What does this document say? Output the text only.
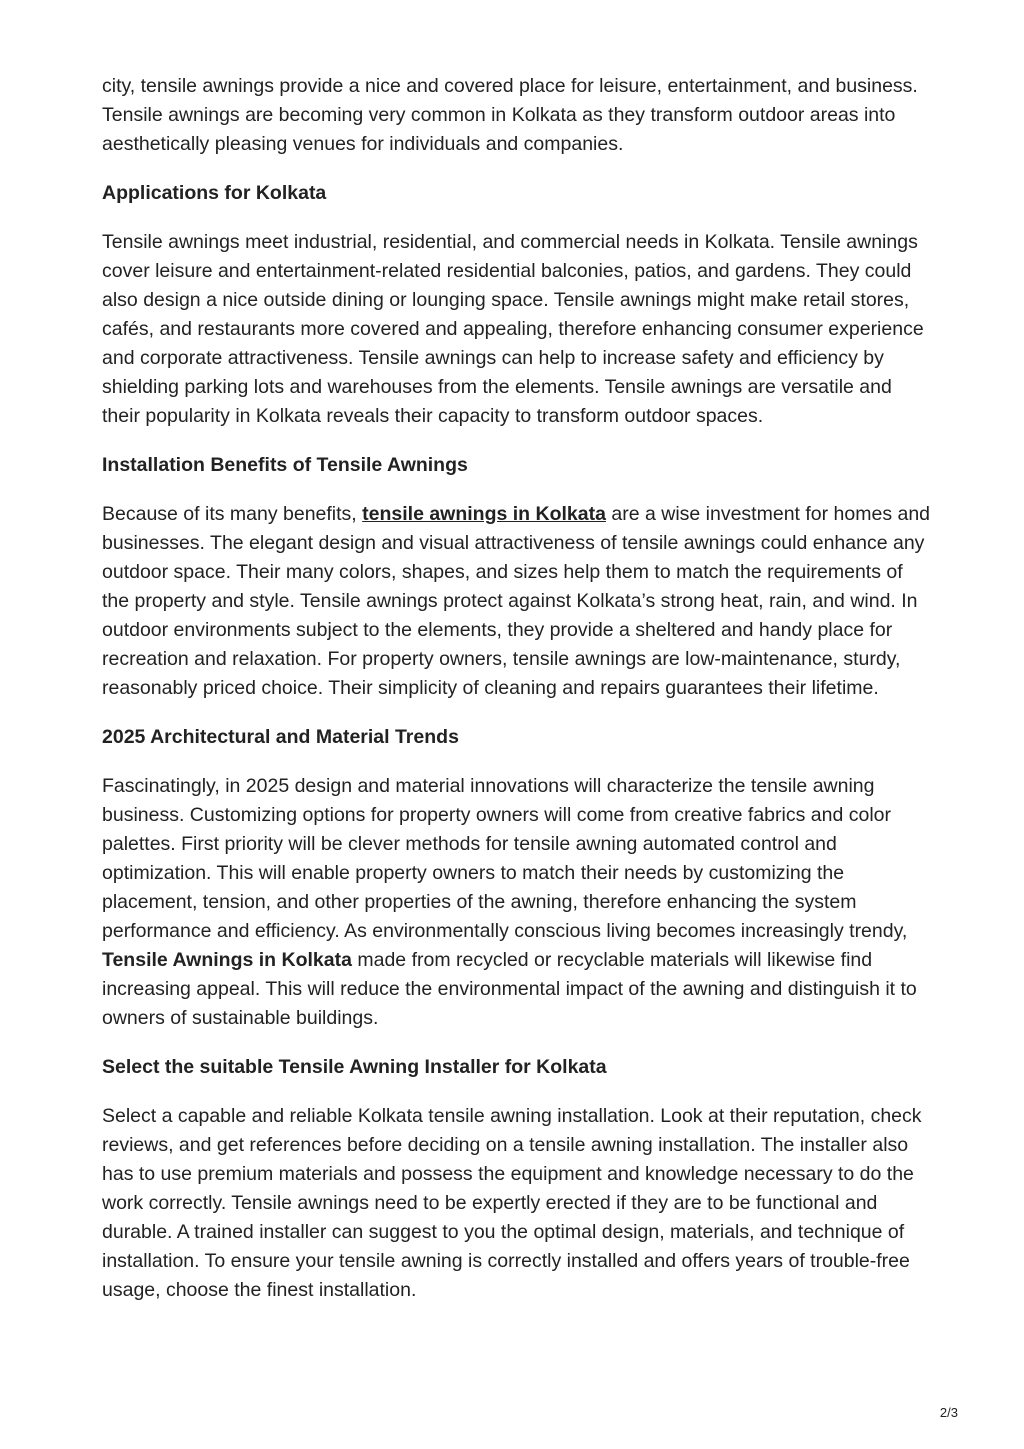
city, tensile awnings provide a nice and covered place for leisure, entertainment, and business. Tensile awnings are becoming very common in Kolkata as they transform outdoor areas into aesthetically pleasing venues for individuals and companies.

Applications for Kolkata

Tensile awnings meet industrial, residential, and commercial needs in Kolkata. Tensile awnings cover leisure and entertainment-related residential balconies, patios, and gardens. They could also design a nice outside dining or lounging space. Tensile awnings might make retail stores, cafés, and restaurants more covered and appealing, therefore enhancing consumer experience and corporate attractiveness. Tensile awnings can help to increase safety and efficiency by shielding parking lots and warehouses from the elements. Tensile awnings are versatile and their popularity in Kolkata reveals their capacity to transform outdoor spaces.

Installation Benefits of Tensile Awnings

Because of its many benefits, tensile awnings in Kolkata are a wise investment for homes and businesses. The elegant design and visual attractiveness of tensile awnings could enhance any outdoor space. Their many colors, shapes, and sizes help them to match the requirements of the property and style. Tensile awnings protect against Kolkata’s strong heat, rain, and wind. In outdoor environments subject to the elements, they provide a sheltered and handy place for recreation and relaxation. For property owners, tensile awnings are low-maintenance, sturdy, reasonably priced choice. Their simplicity of cleaning and repairs guarantees their lifetime.

2025 Architectural and Material Trends

Fascinatingly, in 2025 design and material innovations will characterize the tensile awning business. Customizing options for property owners will come from creative fabrics and color palettes. First priority will be clever methods for tensile awning automated control and optimization. This will enable property owners to match their needs by customizing the placement, tension, and other properties of the awning, therefore enhancing the system performance and efficiency. As environmentally conscious living becomes increasingly trendy, Tensile Awnings in Kolkata made from recycled or recyclable materials will likewise find increasing appeal. This will reduce the environmental impact of the awning and distinguish it to owners of sustainable buildings.

Select the suitable Tensile Awning Installer for Kolkata

Select a capable and reliable Kolkata tensile awning installation. Look at their reputation, check reviews, and get references before deciding on a tensile awning installation. The installer also has to use premium materials and possess the equipment and knowledge necessary to do the work correctly. Tensile awnings need to be expertly erected if they are to be functional and durable. A trained installer can suggest to you the optimal design, materials, and technique of installation. To ensure your tensile awning is correctly installed and offers years of trouble-free usage, choose the finest installation.

2/3
